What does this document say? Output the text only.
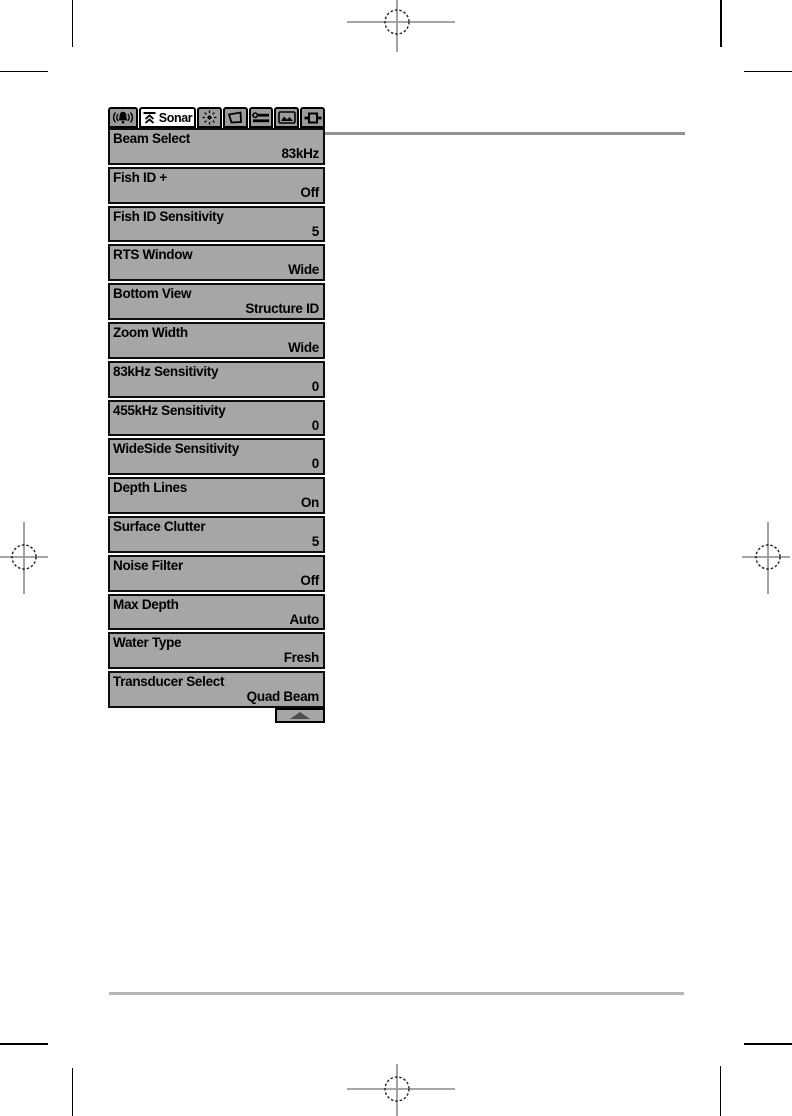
Sonar
Beam Select
83kHz
Fish ID +
Off
Fish ID Sensitivity
5
RTS Window
Wide
Bottom View
Structure ID
Zoom Width
Wide
83kHz Sensitivity
0
455kHz Sensitivity
0
WideSide Sensitivity
0
Depth Lines
On
Surface Clutter
5
Noise Filter
Off
Max Depth
Auto
Water Type
Fresh
Transducer Select
Quad Beam
